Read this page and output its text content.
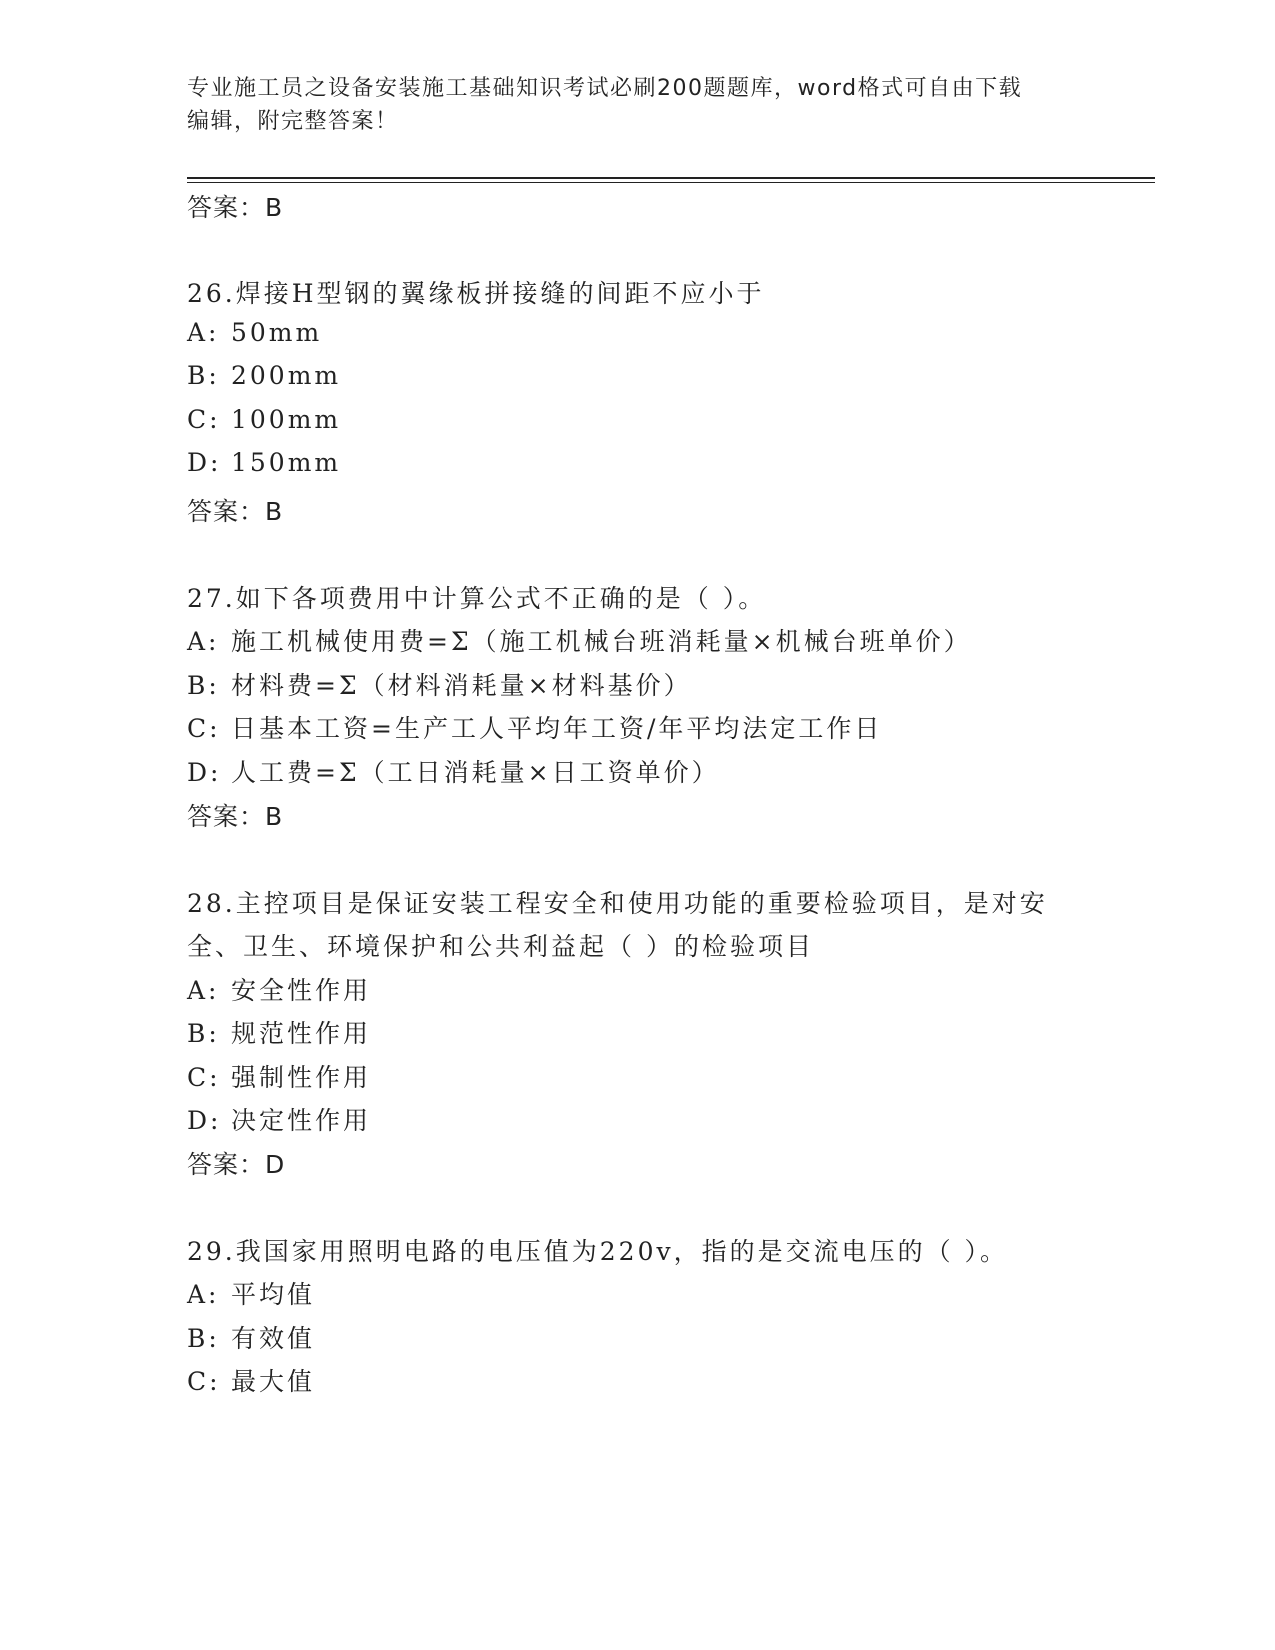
专业施工员之设备安装施工基础知识考试必刷200题题库，word格式可自由下载
编辑，附完整答案！
答案：B
26.焊接H型钢的翼缘板拼接缝的间距不应小于
A: 50mm
B: 200mm
C: 100mm
D: 150mm
答案：B
27.如下各项费用中计算公式不正确的是（ ）。
A: 施工机械使用费=Σ（施工机械台班消耗量×机械台班单价）
B: 材料费=Σ（材料消耗量×材料基价）
C: 日基本工资=生产工人平均年工资/年平均法定工作日
D: 人工费=Σ（工日消耗量×日工资单价）
答案：B
28.主控项目是保证安装工程安全和使用功能的重要检验项目，是对安
全、卫生、环境保护和公共利益起（ ）的检验项目
A: 安全性作用
B: 规范性作用
C: 强制性作用
D: 决定性作用
答案：D
29.我国家用照明电路的电压值为220v，指的是交流电压的（ ）。
A: 平均值
B: 有效值
C: 最大值
